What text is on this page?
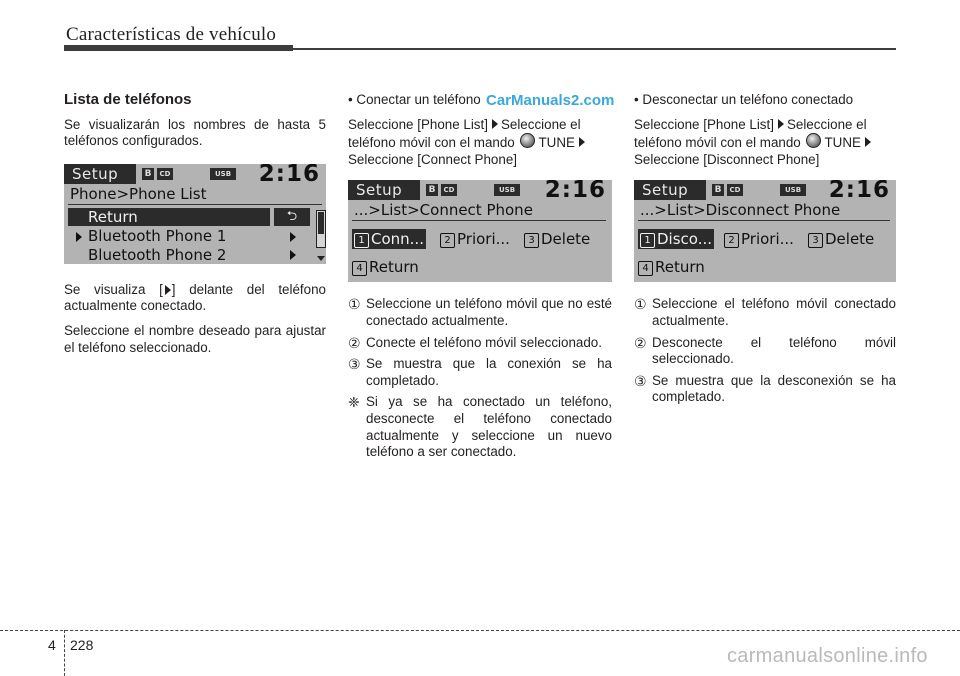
Características de vehículo
Lista de teléfonos

Se visualizarán los nombres de hasta 5 teléfonos configurados.

Setup	B	CD	USB 2:16
Phone>Phone List
Return	⮌
Bluetooth Phone 1
Bluetooth Phone 2

Se visualiza [ ] delante del teléfono actualmente conectado.

Seleccione el nombre deseado para ajustar el teléfono seleccionado.

• Conectar un teléfono

Seleccione [Phone List] Seleccione el teléfono móvil con el mando TUNE
Seleccione [Connect Phone]

Setup	B	CD	USB 2:16
...>List>Connect Phone
1 Conn...	2 Priori...	3 Delete
4 Return
① Seleccione un teléfono móvil que no esté conectado actualmente.
② Conecte el teléfono móvil seleccionado.
③ Se muestra que la conexión se ha completado.
❈ Si ya se ha conectado un teléfono, desconecte el teléfono conectado actualmente y seleccione un nuevo teléfono a ser conectado.

• Desconectar un teléfono conectado

Seleccione [Phone List] Seleccione el teléfono móvil con el mando TUNE
Seleccione [Disconnect Phone]

Setup	B	CD	USB 2:16
...>List>Disconnect Phone
1 Disco...	2 Priori...	3 Delete
4 Return
① Seleccione el teléfono móvil conectado actualmente.
② Desconecte el teléfono móvil seleccionado.
③ Se muestra que la desconexión se ha completado.
CarManuals2.com
4 228	carmanualsonline.info
